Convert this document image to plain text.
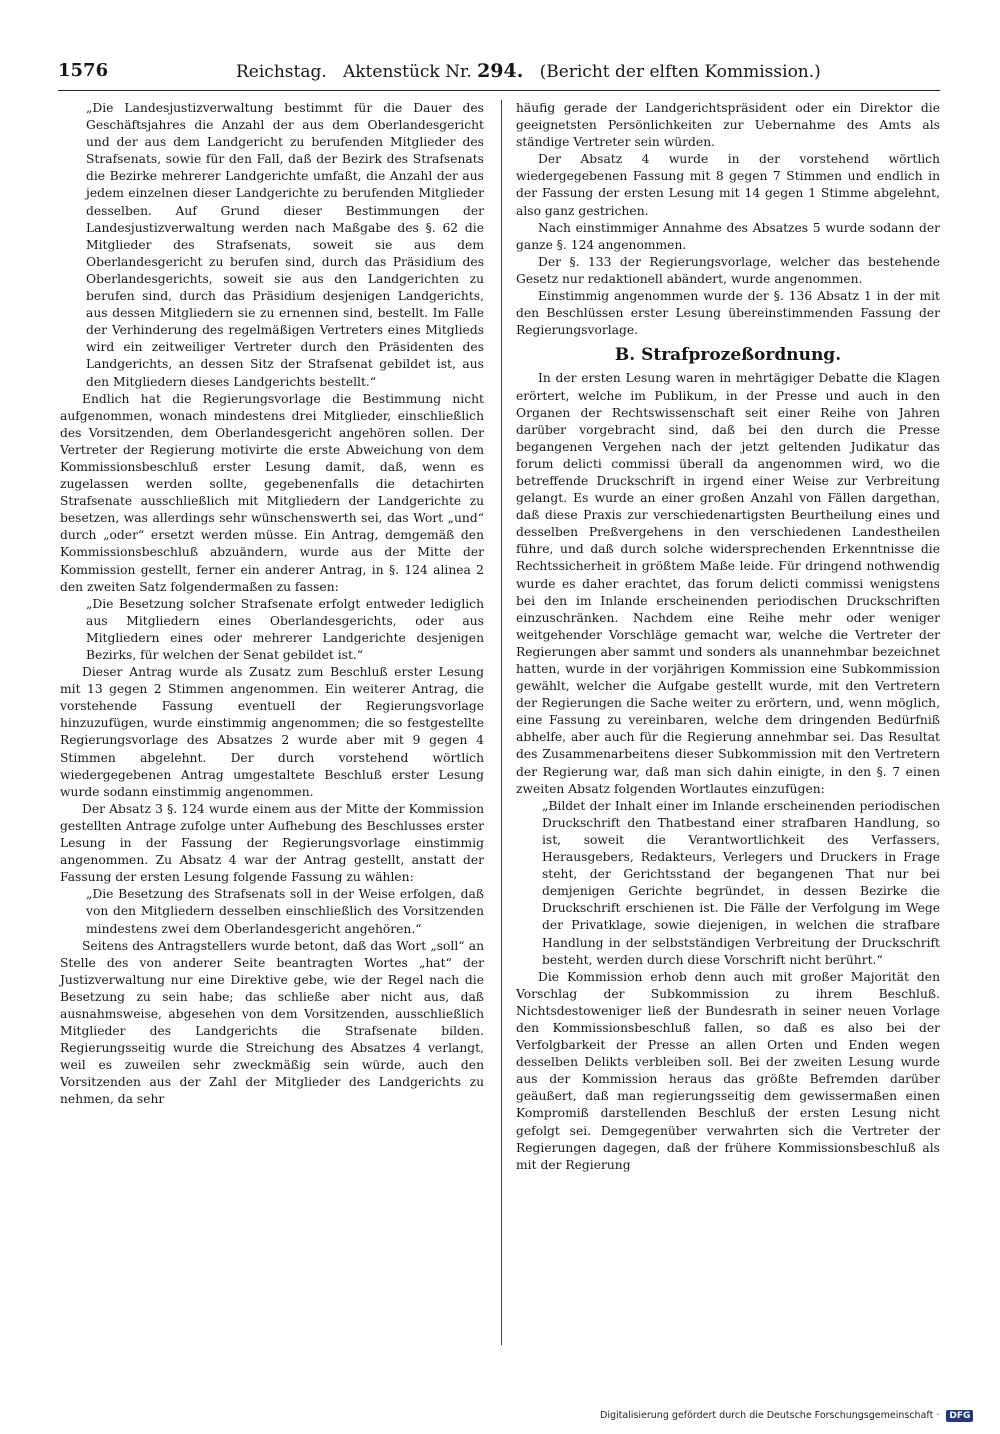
1576	Reichstag. Aktenstück Nr. 294. (Bericht der elften Kommission.)

„Die Landesjustizverwaltung bestimmt für die Dauer des Geschäftsjahres die Anzahl der aus dem Oberlandesgericht und der aus dem Landgericht zu berufenden Mitglieder des Strafsenats, sowie für den Fall, daß der Bezirk des Strafsenats die Bezirke mehrerer Landgerichte umfaßt, die Anzahl der aus jedem einzelnen dieser Landgerichte zu berufenden Mitglieder desselben. Auf Grund dieser Bestimmungen der Landesjustizverwaltung werden nach Maßgabe des §. 62 die Mitglieder des Strafsenats, soweit sie aus dem Oberlandesgericht zu berufen sind, durch das Präsidium des Oberlandesgerichts, soweit sie aus den Landgerichten zu berufen sind, durch das Präsidium desjenigen Landgerichts, aus dessen Mitgliedern sie zu ernennen sind, bestellt. Im Falle der Verhinderung des regelmäßigen Vertreters eines Mitglieds wird ein zeitweiliger Vertreter durch den Präsidenten des Landgerichts, an dessen Sitz der Strafsenat gebildet ist, aus den Mitgliedern dieses Landgerichts bestellt.“

Endlich hat die Regierungsvorlage die Bestimmung nicht aufgenommen, wonach mindestens drei Mitglieder, einschließlich des Vorsitzenden, dem Oberlandesgericht angehören sollen. Der Vertreter der Regierung motivirte die erste Abweichung von dem Kommissionsbeschluß erster Lesung damit, daß, wenn es zugelassen werden sollte, gegebenenfalls die detachirten Strafsenate ausschließlich mit Mitgliedern der Landgerichte zu besetzen, was allerdings sehr wünschenswerth sei, das Wort „und“ durch „oder“ ersetzt werden müsse. Ein Antrag, demgemäß den Kommissionsbeschluß abzuändern, wurde aus der Mitte der Kommission gestellt, ferner ein anderer Antrag, in §. 124 alinea 2 den zweiten Satz folgendermaßen zu fassen:

„Die Besetzung solcher Strafsenate erfolgt entweder lediglich aus Mitgliedern eines Oberlandesgerichts, oder aus Mitgliedern eines oder mehrerer Landgerichte desjenigen Bezirks, für welchen der Senat gebildet ist.“

Dieser Antrag wurde als Zusatz zum Beschluß erster Lesung mit 13 gegen 2 Stimmen angenommen. Ein weiterer Antrag, die vorstehende Fassung eventuell der Regierungsvorlage hinzuzufügen, wurde einstimmig angenommen; die so festgestellte Regierungsvorlage des Absatzes 2 wurde aber mit 9 gegen 4 Stimmen abgelehnt. Der durch vorstehend wörtlich wiedergegebenen Antrag umgestaltete Beschluß erster Lesung wurde sodann einstimmig angenommen.

Der Absatz 3 §. 124 wurde einem aus der Mitte der Kommission gestellten Antrage zufolge unter Aufhebung des Beschlusses erster Lesung in der Fassung der Regierungsvorlage einstimmig angenommen. Zu Absatz 4 war der Antrag gestellt, anstatt der Fassung der ersten Lesung folgende Fassung zu wählen:

„Die Besetzung des Strafsenats soll in der Weise erfolgen, daß von den Mitgliedern desselben einschließlich des Vorsitzenden mindestens zwei dem Oberlandesgericht angehören.“

Seitens des Antragstellers wurde betont, daß das Wort „soll“ an Stelle des von anderer Seite beantragten Wortes „hat“ der Justizverwaltung nur eine Direktive gebe, wie der Regel nach die Besetzung zu sein habe; das schließe aber nicht aus, daß ausnahmsweise, abgesehen von dem Vorsitzenden, ausschließlich Mitglieder des Landgerichts die Strafsenate bilden. Regierungsseitig wurde die Streichung des Absatzes 4 verlangt, weil es zuweilen sehr zweckmäßig sein würde, auch den Vorsitzenden aus der Zahl der Mitglieder des Landgerichts zu nehmen, da sehr

häufig gerade der Landgerichtspräsident oder ein Direktor die geeignetsten Persönlichkeiten zur Uebernahme des Amts als ständige Vertreter sein würden.

Der Absatz 4 wurde in der vorstehend wörtlich wiedergegebenen Fassung mit 8 gegen 7 Stimmen und endlich in der Fassung der ersten Lesung mit 14 gegen 1 Stimme abgelehnt, also ganz gestrichen.

Nach einstimmiger Annahme des Absatzes 5 wurde sodann der ganze §. 124 angenommen.

Der §. 133 der Regierungsvorlage, welcher das bestehende Gesetz nur redaktionell abändert, wurde angenommen.

Einstimmig angenommen wurde der §. 136 Absatz 1 in der mit den Beschlüssen erster Lesung übereinstimmenden Fassung der Regierungsvorlage.

B. Strafprozeßordnung.

In der ersten Lesung waren in mehrtägiger Debatte die Klagen erörtert, welche im Publikum, in der Presse und auch in den Organen der Rechtswissenschaft seit einer Reihe von Jahren darüber vorgebracht sind, daß bei den durch die Presse begangenen Vergehen nach der jetzt geltenden Judikatur das forum delicti commissi überall da angenommen wird, wo die betreffende Druckschrift in irgend einer Weise zur Verbreitung gelangt. Es wurde an einer großen Anzahl von Fällen dargethan, daß diese Praxis zur verschiedenartigsten Beurtheilung eines und desselben Preßvergehens in den verschiedenen Landestheilen führe, und daß durch solche widersprechenden Erkenntnisse die Rechtssicherheit in größtem Maße leide. Für dringend nothwendig wurde es daher erachtet, das forum delicti commissi wenigstens bei den im Inlande erscheinenden periodischen Druckschriften einzuschränken. Nachdem eine Reihe mehr oder weniger weitgehender Vorschläge gemacht war, welche die Vertreter der Regierungen aber sammt und sonders als unannehmbar bezeichnet hatten, wurde in der vorjährigen Kommission eine Subkommission gewählt, welcher die Aufgabe gestellt wurde, mit den Vertretern der Regierungen die Sache weiter zu erörtern, und, wenn möglich, eine Fassung zu vereinbaren, welche dem dringenden Bedürfniß abhelfe, aber auch für die Regierung annehmbar sei. Das Resultat des Zusammenarbeitens dieser Subkommission mit den Vertretern der Regierung war, daß man sich dahin einigte, in den §. 7 einen zweiten Absatz folgenden Wortlautes einzufügen:

„Bildet der Inhalt einer im Inlande erscheinenden periodischen Druckschrift den Thatbestand einer strafbaren Handlung, so ist, soweit die Verantwortlichkeit des Verfassers, Herausgebers, Redakteurs, Verlegers und Druckers in Frage steht, der Gerichtsstand der begangenen That nur bei demjenigen Gerichte begründet, in dessen Bezirke die Druckschrift erschienen ist. Die Fälle der Verfolgung im Wege der Privatklage, sowie diejenigen, in welchen die strafbare Handlung in der selbstständigen Verbreitung der Druckschrift besteht, werden durch diese Vorschrift nicht berührt.“

Die Kommission erhob denn auch mit großer Majorität den Vorschlag der Subkommission zu ihrem Beschluß. Nichtsdestoweniger ließ der Bundesrath in seiner neuen Vorlage den Kommissionsbeschluß fallen, so daß es also bei der Verfolgbarkeit der Presse an allen Orten und Enden wegen desselben Delikts verbleiben soll. Bei der zweiten Lesung wurde aus der Kommission heraus das größte Befremden darüber geäußert, daß man regierungsseitig dem gewissermaßen einen Kompromiß darstellenden Beschluß der ersten Lesung nicht gefolgt sei. Demgegenüber verwahrten sich die Vertreter der Regierungen dagegen, daß der frühere Kommissionsbeschluß als mit der Regierung

Digitalisierung gefördert durch die Deutsche Forschungsgemeinschaft · DFG
